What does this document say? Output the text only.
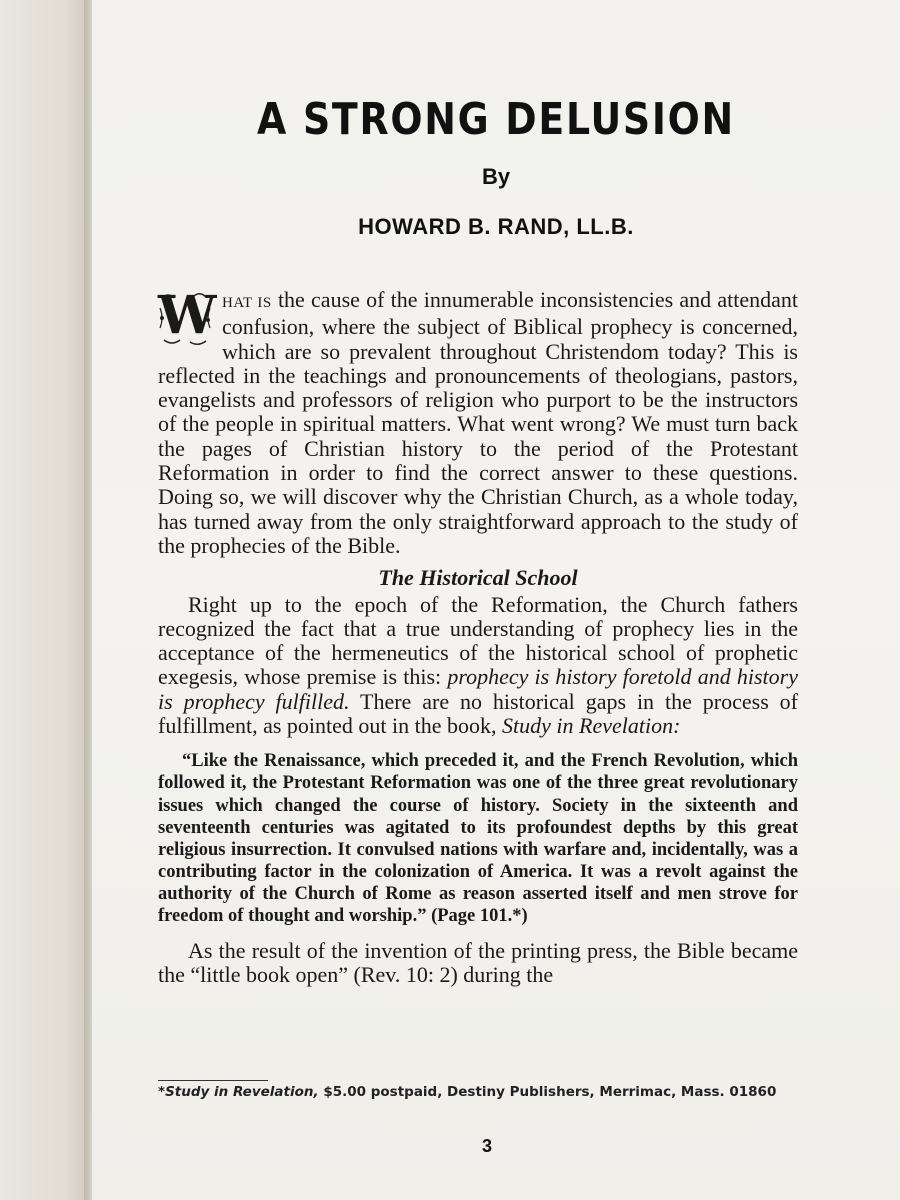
A STRONG DELUSION
By
HOWARD B. RAND, LL.B.

W HAT IS the cause of the innumerable inconsistencies and attendant confusion, where the subject of Biblical prophecy is concerned, which are so prevalent throughout Christendom today? This is reflected in the teachings and pronouncements of theologians, pastors, evangelists and professors of religion who purport to be the instructors of the people in spiritual matters. What went wrong? We must turn back the pages of Christian history to the period of the Protestant Reformation in order to find the correct answer to these questions. Doing so, we will discover why the Christian Church, as a whole today, has turned away from the only straightforward approach to the study of the prophecies of the Bible.

The Historical School

Right up to the epoch of the Reformation, the Church fathers recognized the fact that a true understanding of prophecy lies in the acceptance of the hermeneutics of the historical school of prophetic exegesis, whose premise is this: prophecy is history foretold and history is prophecy fulfilled. There are no historical gaps in the process of fulfillment, as pointed out in the book, Study in Revelation:

“Like the Renaissance, which preceded it, and the French Revolution, which followed it, the Protestant Reformation was one of the three great revolutionary issues which changed the course of history. Society in the sixteenth and seventeenth centuries was agitated to its profoundest depths by this great religious insurrection. It convulsed nations with warfare and, incidentally, was a contributing factor in the colonization of America. It was a revolt against the authority of the Church of Rome as reason asserted itself and men strove for freedom of thought and worship.” (Page 101.*)

As the result of the invention of the printing press, the Bible became the “little book open” (Rev. 10: 2) during the

*Study in Revelation, $5.00 postpaid, Destiny Publishers, Merrimac, Mass. 01860
3
